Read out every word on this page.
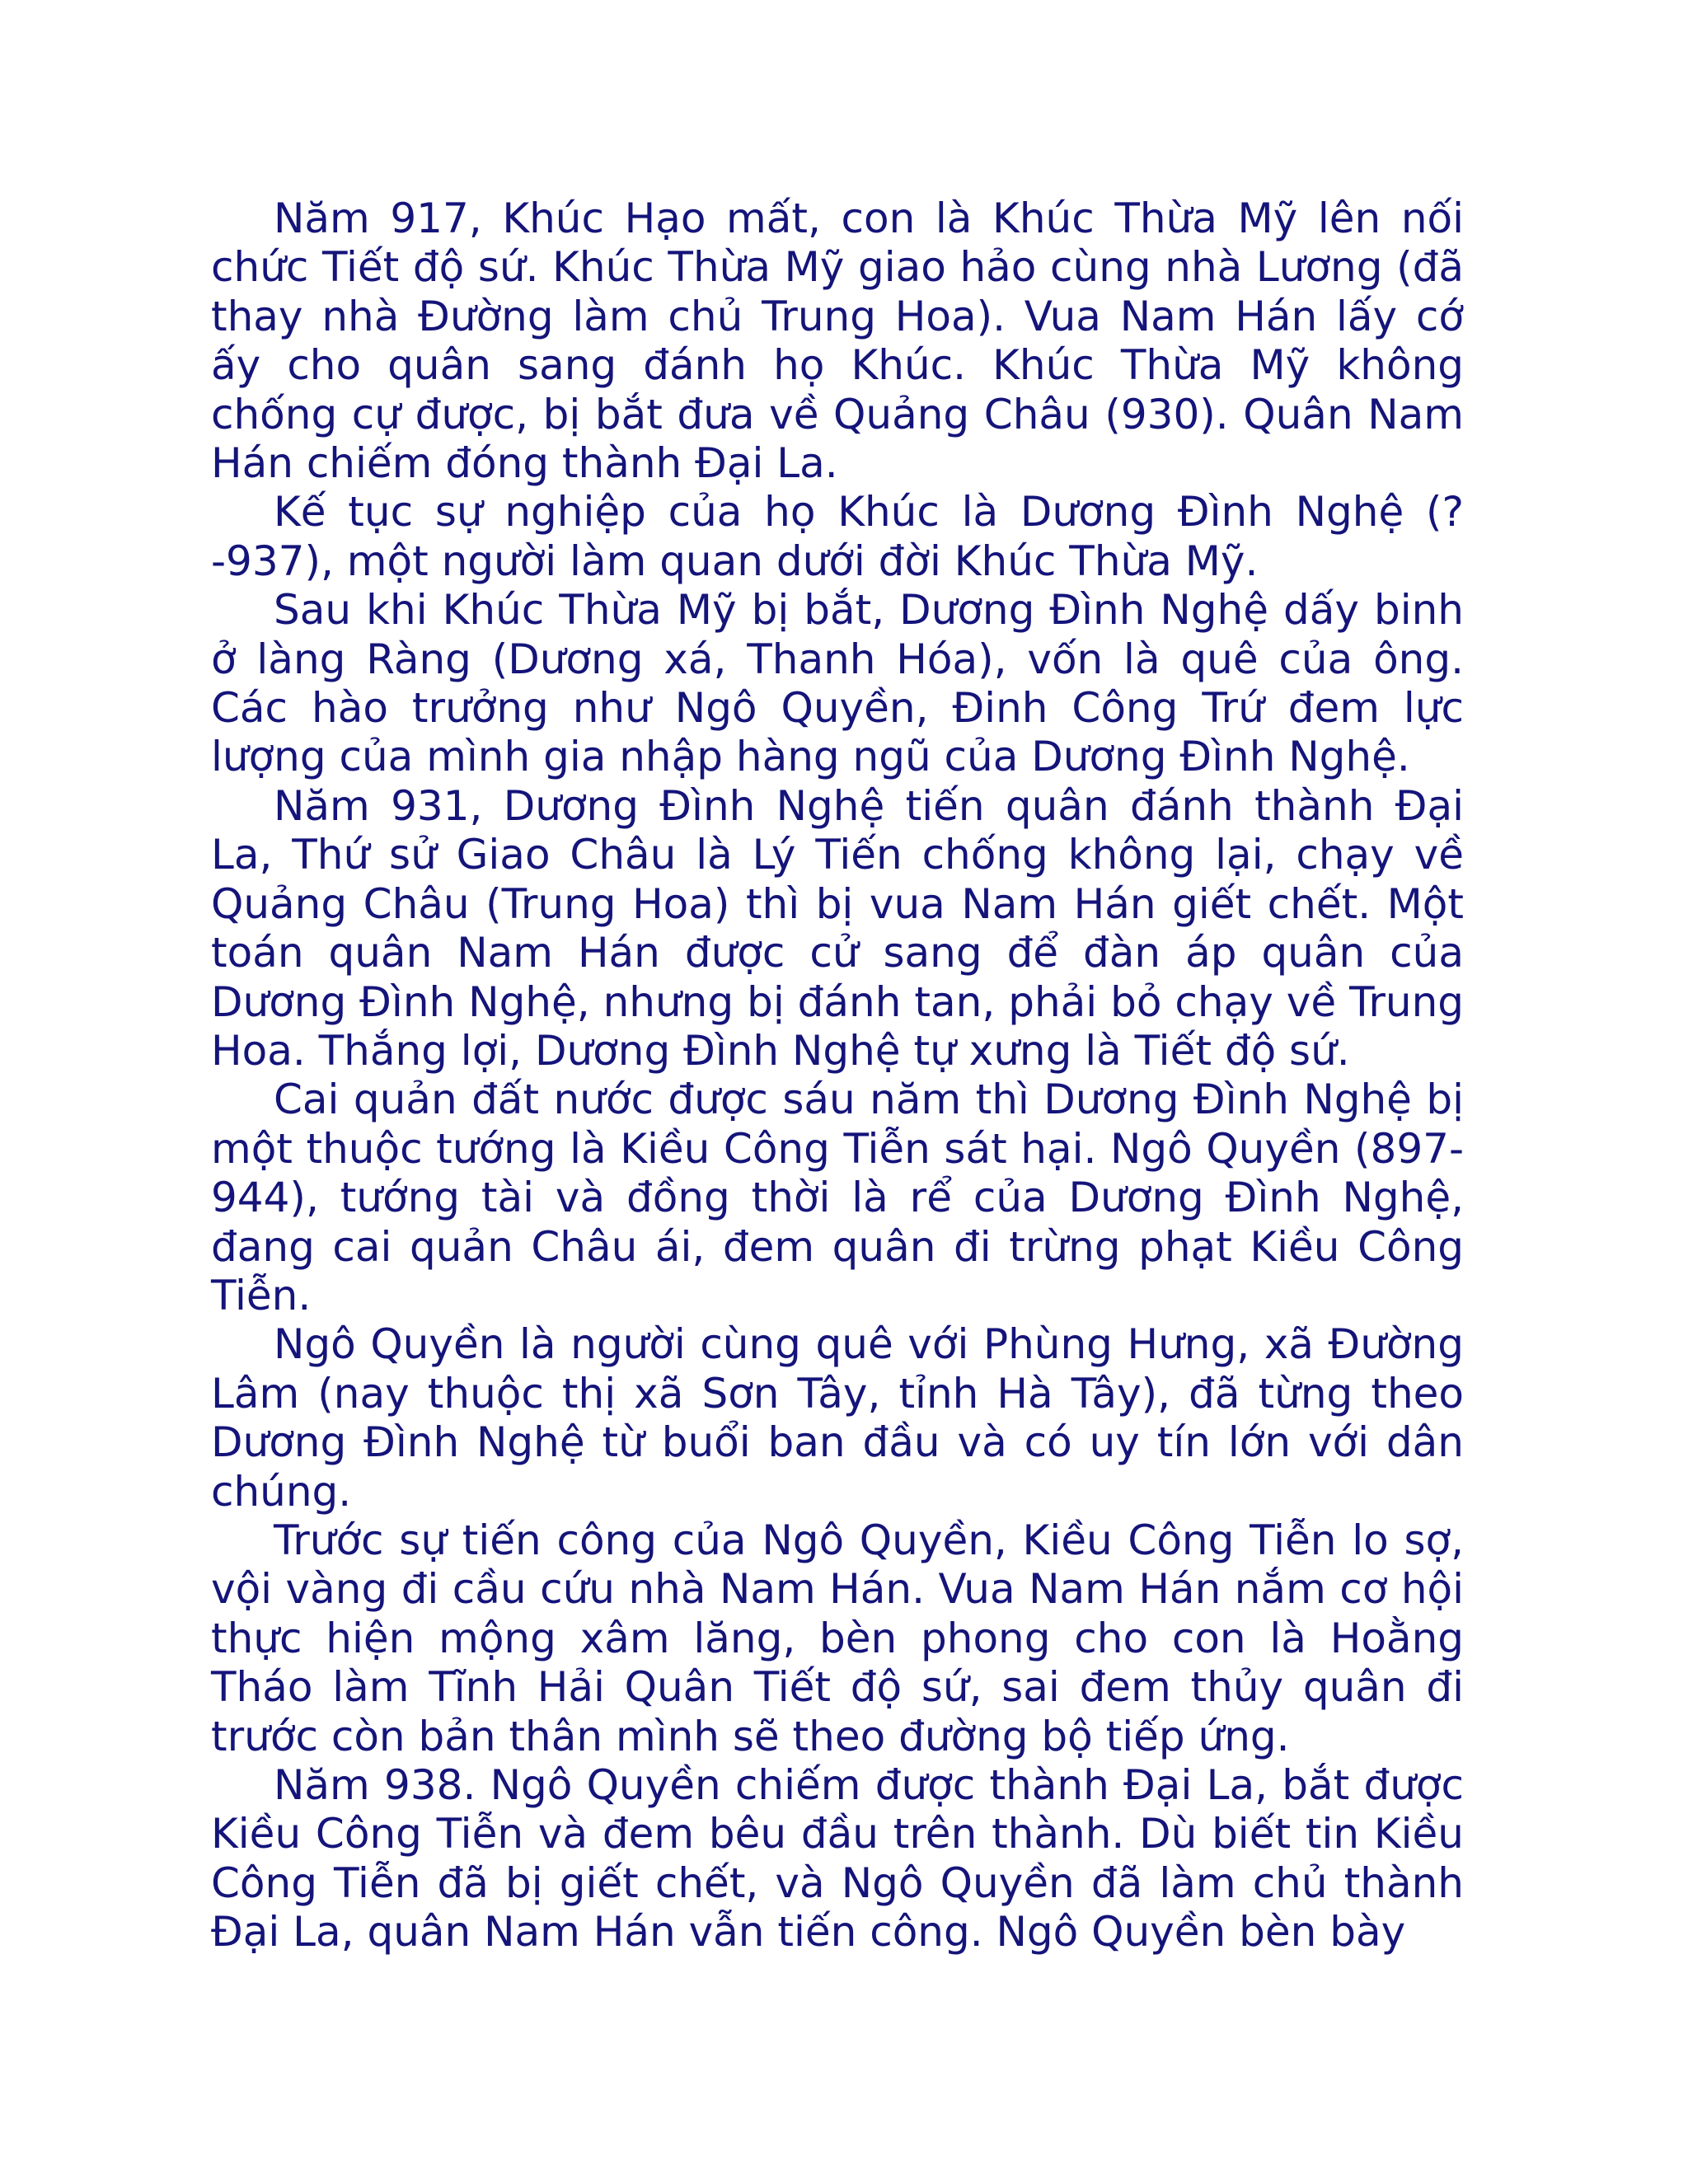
Năm 917, Khúc Hạo mất, con là Khúc Thừa Mỹ lên nối chức Tiết độ sứ. Khúc Thừa Mỹ giao hảo cùng nhà Lương (đã thay nhà Đường làm chủ Trung Hoa). Vua Nam Hán lấy cớ ấy cho quân sang đánh họ Khúc. Khúc Thừa Mỹ không chống cự được, bị bắt đưa về Quảng Châu (930). Quân Nam Hán chiếm đóng thành Đại La.

Kế tục sự nghiệp của họ Khúc là Dương Đình Nghệ (? -937), một người làm quan dưới đời Khúc Thừa Mỹ.

Sau khi Khúc Thừa Mỹ bị bắt, Dương Đình Nghệ dấy binh ở làng Ràng (Dương xá, Thanh Hóa), vốn là quê của ông. Các hào trưởng như Ngô Quyền, Đinh Công Trứ đem lực lượng của mình gia nhập hàng ngũ của Dương Đình Nghệ.

Năm 931, Dương Đình Nghệ tiến quân đánh thành Đại La, Thứ sử Giao Châu là Lý Tiến chống không lại, chạy về Quảng Châu (Trung Hoa) thì bị vua Nam Hán giết chết. Một toán quân Nam Hán được cử sang để đàn áp quân của Dương Đình Nghệ, nhưng bị đánh tan, phải bỏ chạy về Trung Hoa. Thắng lợi, Dương Đình Nghệ tự xưng là Tiết độ sứ.

Cai quản đất nước được sáu năm thì Dương Đình Nghệ bị một thuộc tướng là Kiều Công Tiễn sát hại. Ngô Quyền (897-944), tướng tài và đồng thời là rể của Dương Đình Nghệ, đang cai quản Châu ái, đem quân đi trừng phạt Kiều Công Tiễn.

Ngô Quyền là người cùng quê với Phùng Hưng, xã Đường Lâm (nay thuộc thị xã Sơn Tây, tỉnh Hà Tây), đã từng theo Dương Đình Nghệ từ buổi ban đầu và có uy tín lớn với dân chúng.

Trước sự tiến công của Ngô Quyền, Kiều Công Tiễn lo sợ, vội vàng đi cầu cứu nhà Nam Hán. Vua Nam Hán nắm cơ hội thực hiện mộng xâm lăng, bèn phong cho con là Hoằng Tháo làm Tĩnh Hải Quân Tiết độ sứ, sai đem thủy quân đi trước còn bản thân mình sẽ theo đường bộ tiếp ứng.

Năm 938. Ngô Quyền chiếm được thành Đại La, bắt được Kiều Công Tiễn và đem bêu đầu trên thành. Dù biết tin Kiều Công Tiễn đã bị giết chết, và Ngô Quyền đã làm chủ thành Đại La, quân Nam Hán vẫn tiến công. Ngô Quyền bèn bày
